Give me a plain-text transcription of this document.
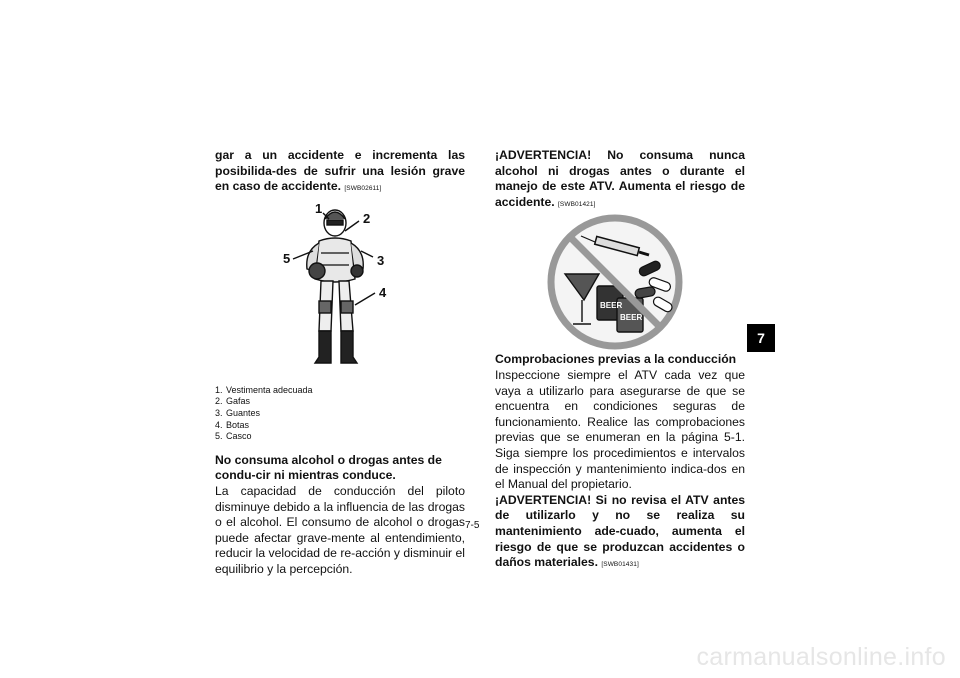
gar a un accidente e incrementa las posibilida-des de sufrir una lesión grave en caso de accidente. [SWB02611]

1
2
3
4
5
1. Vestimenta adecuada
2. Gafas
3. Guantes
4. Botas
5. Casco

No consuma alcohol o drogas antes de condu-cir ni mientras conduce.

La capacidad de conducción del piloto disminuye debido a la influencia de las drogas o el alcohol. El consumo de alcohol o drogas puede afectar grave-mente al entendimiento, reducir la velocidad de re-acción y disminuir el equilibrio y la percepción.

¡ADVERTENCIA! No consuma nunca alcohol ni drogas antes o durante el manejo de este ATV. Aumenta el riesgo de accidente. [SWB01421]

BEER
BEER

Comprobaciones previas a la conducción

Inspeccione siempre el ATV cada vez que vaya a utilizarlo para asegurarse de que se encuentra en condiciones seguras de funcionamiento. Realice las comprobaciones previas que se enumeran en la página 5-1. Siga siempre los procedimientos e intervalos de inspección y mantenimiento indica-dos en el Manual del propietario.

¡ADVERTENCIA! Si no revisa el ATV antes de utilizarlo y no se realiza su mantenimiento ade-cuado, aumenta el riesgo de que se produzcan accidentes o daños materiales. [SWB01431]

7
7-5
carmanualsonline.info
